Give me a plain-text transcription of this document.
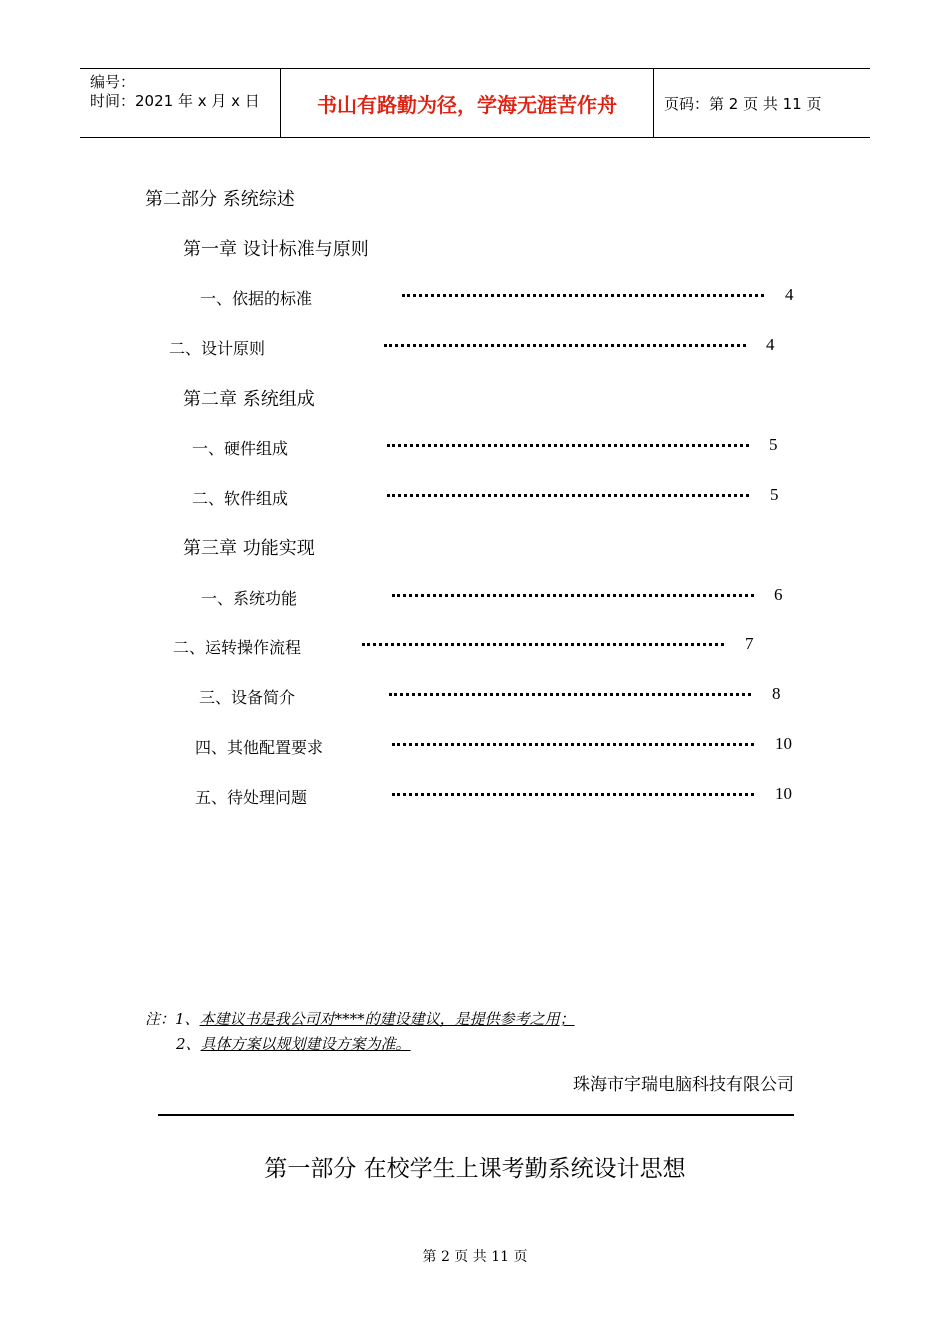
编号：
时间：2021 年 x 月 x 日	书山有路勤为径，学海无涯苦作舟	页码：第 2 页 共 11 页
第二部分 系统综述
第一章 设计标准与原则
一、依据的标准	4
二、设计原则	4
第二章 系统组成
一、硬件组成	5
二、软件组成	5
第三章 功能实现
一、系统功能	6
二、运转操作流程	7
三、设备简介	8
四、其他配置要求	10
五、待处理问题	10
注：1、本建议书是我公司对****的建设建议，是提供参考之用；
2、具体方案以规划建设方案为准。
珠海市宇瑞电脑科技有限公司
第一部分 在校学生上课考勤系统设计思想
第 2 页 共 11 页
